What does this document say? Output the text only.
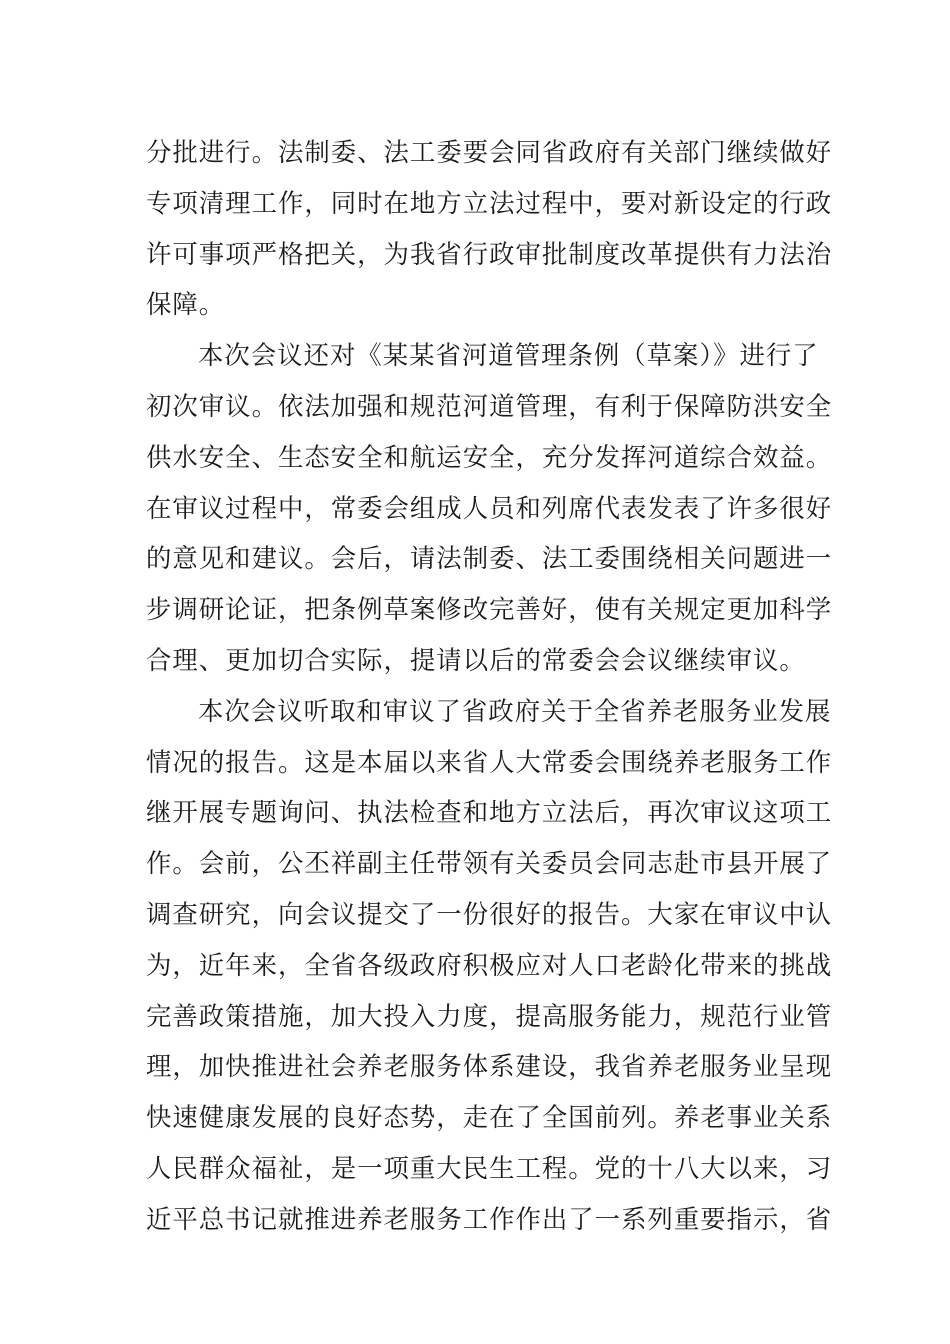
分批进行。法制委、法工委要会同省政府有关部门继续做好
专项清理工作，同时在地方立法过程中，要对新设定的行政
许可事项严格把关，为我省行政审批制度改革提供有力法治
保障。
本次会议还对《某某省河道管理条例（草案）》进行了
初次审议。依法加强和规范河道管理，有利于保障防洪安全
供水安全、生态安全和航运安全，充分发挥河道综合效益。
在审议过程中，常委会组成人员和列席代表发表了许多很好
的意见和建议。会后，请法制委、法工委围绕相关问题进一
步调研论证，把条例草案修改完善好，使有关规定更加科学
合理、更加切合实际，提请以后的常委会会议继续审议。
本次会议听取和审议了省政府关于全省养老服务业发展
情况的报告。这是本届以来省人大常委会围绕养老服务工作
继开展专题询问、执法检查和地方立法后，再次审议这项工
作。会前，公丕祥副主任带领有关委员会同志赴市县开展了
调查研究，向会议提交了一份很好的报告。大家在审议中认
为，近年来，全省各级政府积极应对人口老龄化带来的挑战
完善政策措施，加大投入力度，提高服务能力，规范行业管
理，加快推进社会养老服务体系建设，我省养老服务业呈现
快速健康发展的良好态势，走在了全国前列。养老事业关系
人民群众福祉，是一项重大民生工程。党的十八大以来，习
近平总书记就推进养老服务工作作出了一系列重要指示，省
